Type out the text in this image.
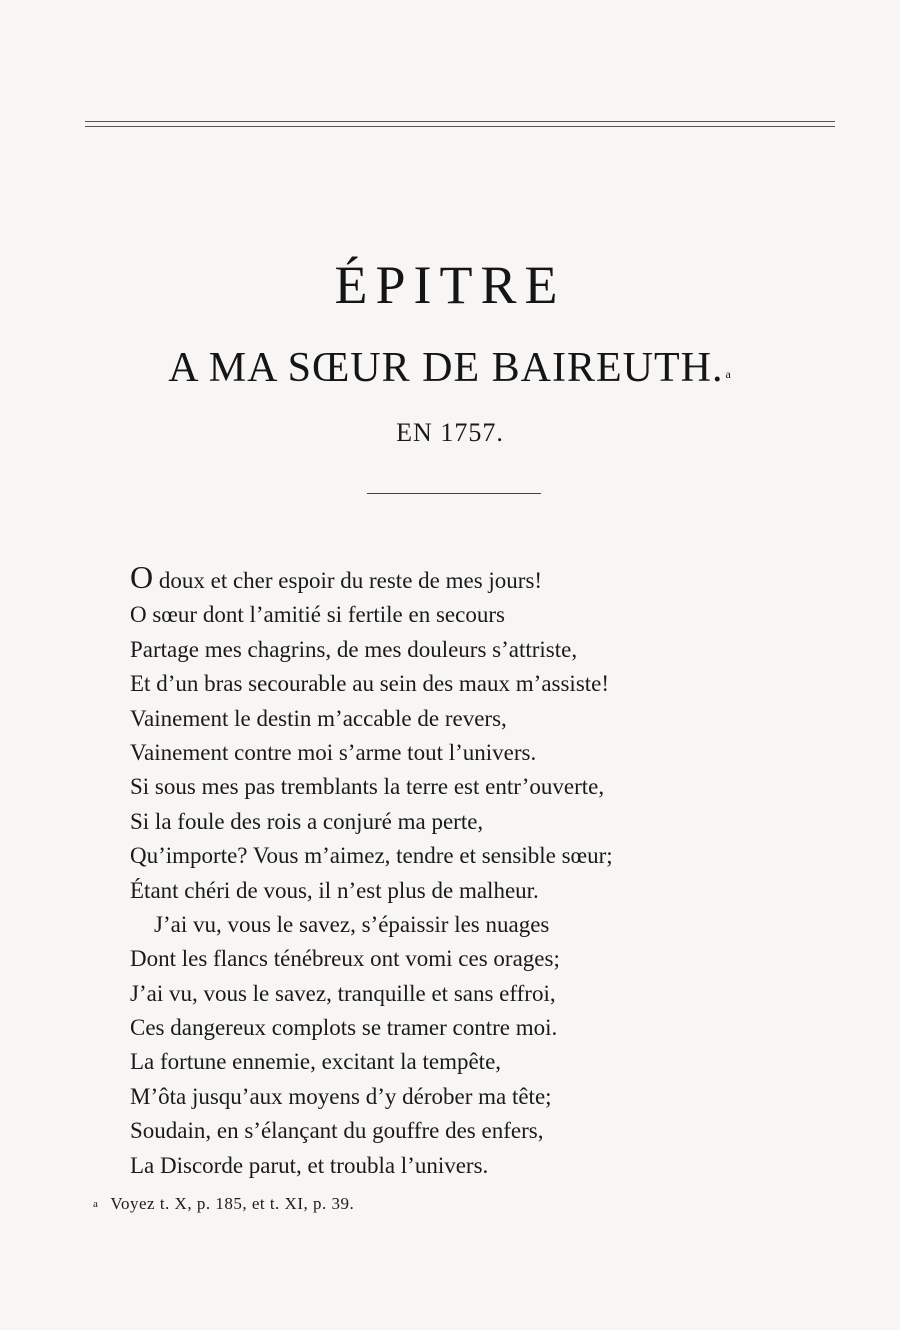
ÉPITRE
A MA SŒUR DE BAIREUTH. $^a$
EN 1757.
O doux et cher espoir du reste de mes jours!
O sœur dont l’amitié si fertile en secours
Partage mes chagrins, de mes douleurs s’attriste,
Et d’un bras secourable au sein des maux m’assiste!
Vainement le destin m’accable de revers,
Vainement contre moi s’arme tout l’univers.
Si sous mes pas tremblants la terre est entr’ouverte,
Si la foule des rois a conjuré ma perte,
Qu’importe? Vous m’aimez, tendre et sensible sœur;
Étant chéri de vous, il n’est plus de malheur.
J’ai vu, vous le savez, s’épaissir les nuages
Dont les flancs ténébreux ont vomi ces orages;
J’ai vu, vous le savez, tranquille et sans effroi,
Ces dangereux complots se tramer contre moi.
La fortune ennemie, excitant la tempête,
M’ôta jusqu’aux moyens d’y dérober ma tête;
Soudain, en s’élançant du gouffre des enfers,
La Discorde parut, et troubla l’univers.
$^a$ Voyez t. X, p. 185, et t. XI, p. 39.
